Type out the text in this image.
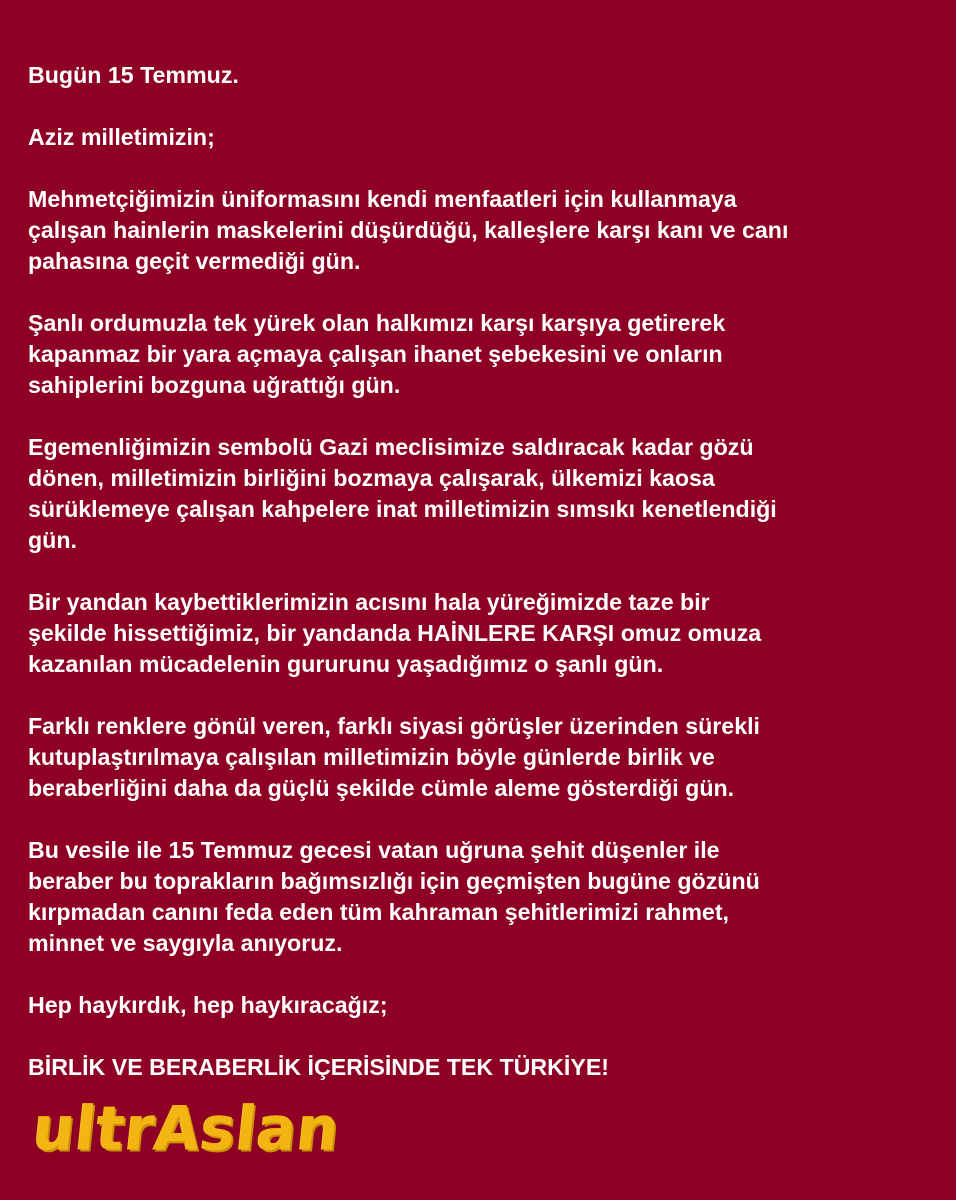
Bugün 15 Temmuz.

Aziz milletimizin;

Mehmetçiğimizin üniformasını kendi menfaatleri için kullanmaya
çalışan hainlerin maskelerini düşürdüğü, kalleşlere karşı kanı ve canı
pahasına geçit vermediği gün.

Şanlı ordumuzla tek yürek olan halkımızı karşı karşıya getirerek
kapanmaz bir yara açmaya çalışan ihanet şebekesini ve onların
sahiplerini bozguna uğrattığı gün.

Egemenliğimizin sembolü Gazi meclisimize saldıracak kadar gözü
dönen, milletimizin birliğini bozmaya çalışarak, ülkemizi kaosa
sürüklemeye çalışan kahpelere inat milletimizin sımsıkı kenetlendiği
gün.

Bir yandan kaybettiklerimizin acısını hala yüreğimizde taze bir
şekilde hissettiğimiz, bir yandanda HAİNLERE KARŞI omuz omuza
kazanılan mücadelenin gururunu yaşadığımız o şanlı gün.

Farklı renklere gönül veren, farklı siyasi görüşler üzerinden sürekli
kutuplaştırılmaya çalışılan milletimizin böyle günlerde birlik ve
beraberliğini daha da güçlü şekilde cümle aleme gösterdiği gün.

Bu vesile ile 15 Temmuz gecesi vatan uğruna şehit düşenler ile
beraber bu toprakların bağımsızlığı için geçmişten bugüne gözünü
kırpmadan canını feda eden tüm kahraman şehitlerimizi rahmet,
minnet ve saygıyla anıyoruz.

Hep haykırdık, hep haykıracağız;

BİRLİK VE BERABERLİK İÇERİSİNDE TEK TÜRKİYE!

ultrAslan
